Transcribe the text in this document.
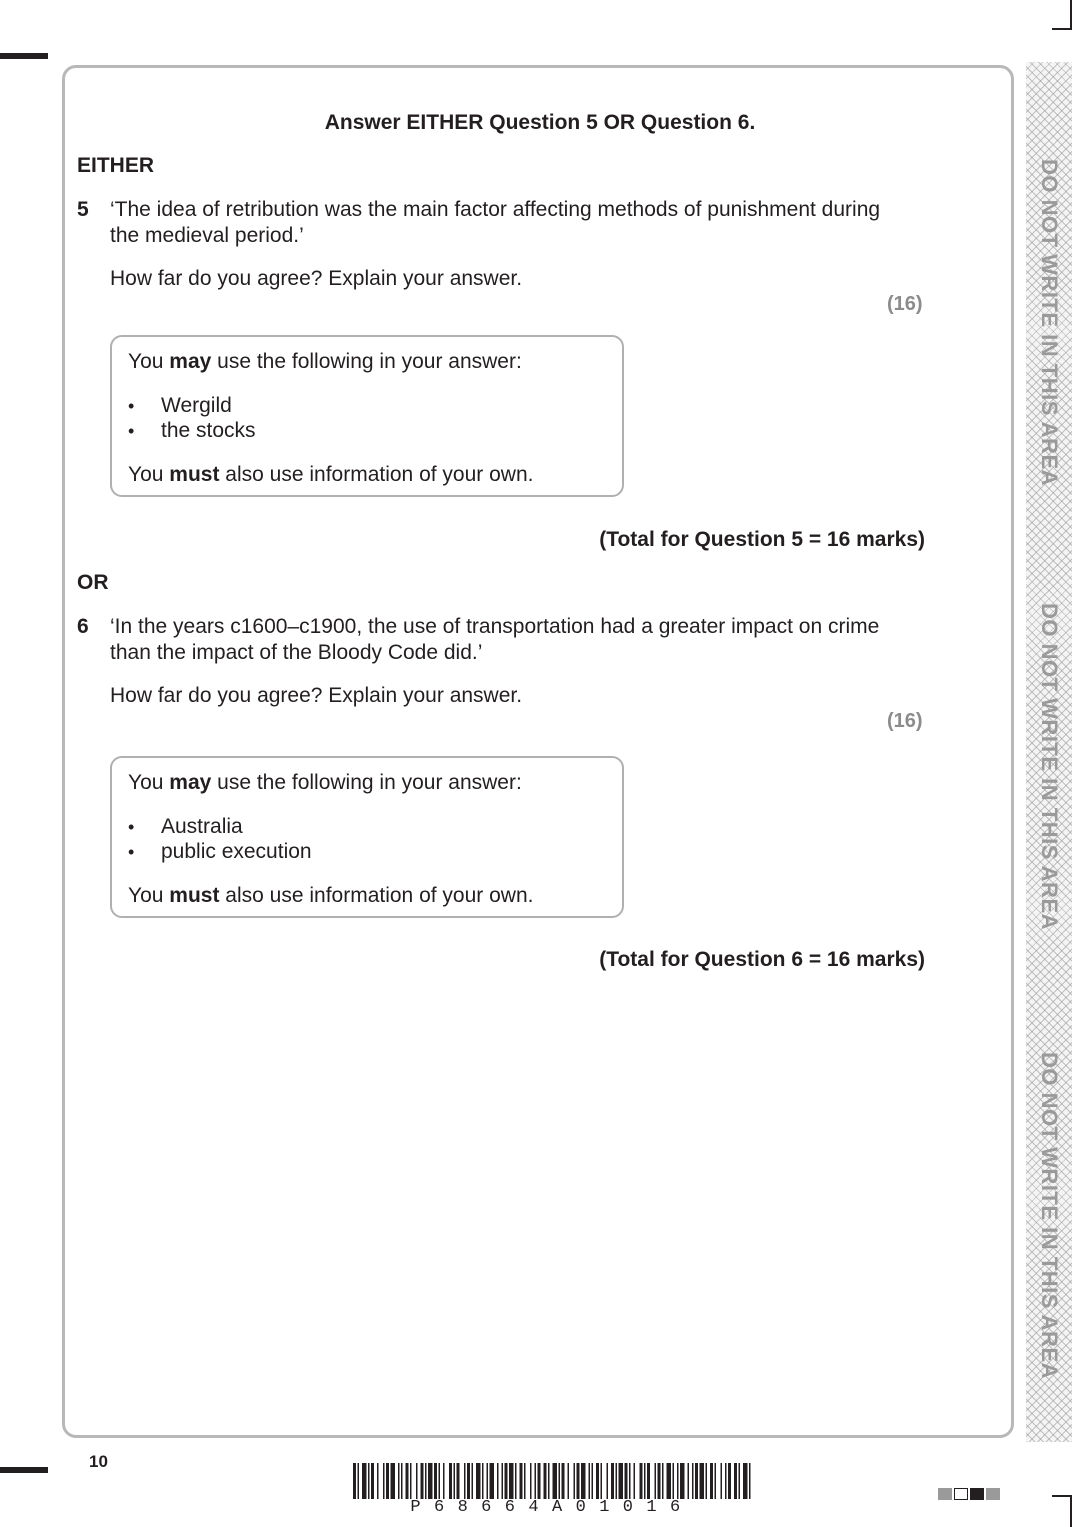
Answer EITHER Question 5 OR Question 6.
EITHER
5 ‘The idea of retribution was the main factor affecting methods of punishment during
the medieval period.’
How far do you agree? Explain your answer.
(16)
You may use the following in your answer:
• Wergild
• the stocks
You must also use information of your own.
(Total for Question 5 = 16 marks)
OR
6 ‘In the years c1600–c1900, the use of transportation had a greater impact on crime
than the impact of the Bloody Code did.’
How far do you agree? Explain your answer.
(16)
You may use the following in your answer:
• Australia
• public execution
You must also use information of your own.
(Total for Question 6 = 16 marks)
DO NOT WRITE IN THIS AREA
DO NOT WRITE IN THIS AREA
DO NOT WRITE IN THIS AREA
10
P68664A01016
